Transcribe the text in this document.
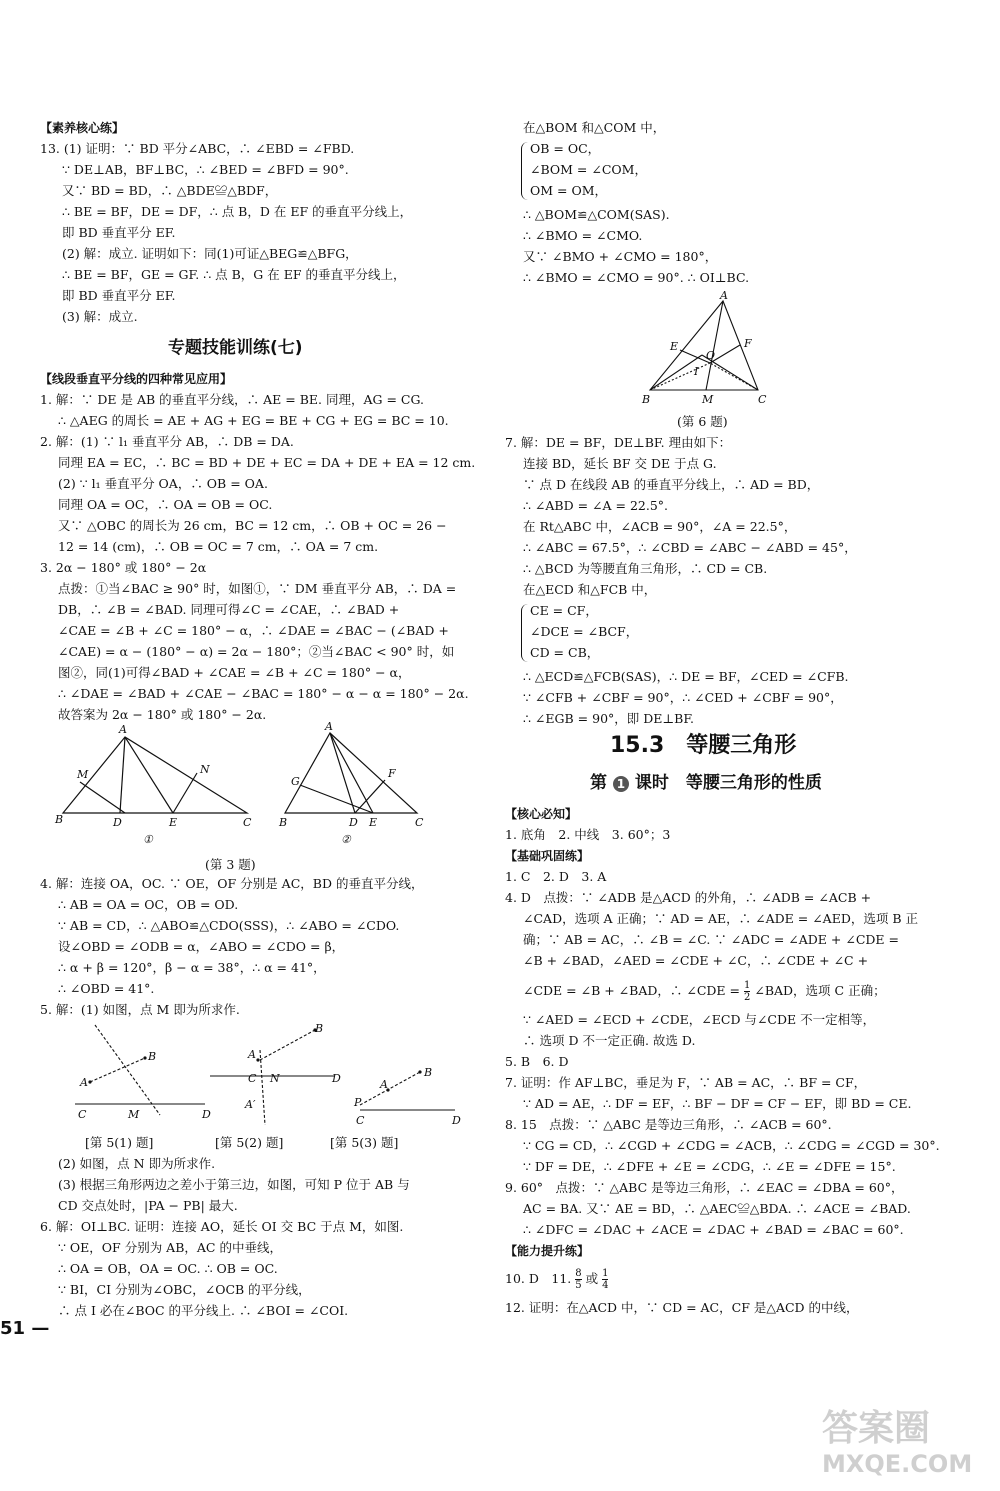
【素养核心练】
13. (1) 证明：∵ BD 平分∠ABC，∴ ∠EBD = ∠FBD.
∵ DE⊥AB，BF⊥BC，∴ ∠BED = ∠BFD = 90°.
又∵ BD = BD，∴ △BDE≌△BDF，
∴ BE = BF，DE = DF，∴ 点 B，D 在 EF 的垂直平分线上，
即 BD 垂直平分 EF.
(2) 解：成立. 证明如下：同(1)可证△BEG≌△BFG，
∴ BE = BF，GE = GF. ∴ 点 B，G 在 EF 的垂直平分线上，
即 BD 垂直平分 EF.
(3) 解：成立.
专题技能训练(七)
【线段垂直平分线的四种常见应用】
1. 解：∵ DE 是 AB 的垂直平分线，∴ AE = BE. 同理，AG = CG.
∴ △AEG 的周长 = AE + AG + EG = BE + CG + EG = BC = 10.
2. 解：(1) ∵ l₁ 垂直平分 AB，∴ DB = DA.
同理 EA = EC，∴ BC = BD + DE + EC = DA + DE + EA = 12 cm.
(2) ∵ l₁ 垂直平分 OA，∴ OB = OA.
同理 OA = OC，∴ OA = OB = OC.
又∵ △OBC 的周长为 26 cm，BC = 12 cm，∴ OB + OC = 26 −
12 = 14 (cm)，∴ OB = OC = 7 cm，∴ OA = 7 cm.
3. 2α − 180° 或 180° − 2α
点拨：①当∠BAC ≥ 90° 时，如图①，∵ DM 垂直平分 AB，∴ DA =
DB，∴ ∠B = ∠BAD. 同理可得∠C = ∠CAE，∴ ∠BAD +
∠CAE = ∠B + ∠C = 180° − α，∴ ∠DAE = ∠BAC − (∠BAD +
∠CAE) = α − (180° − α) = 2α − 180°；②当∠BAC < 90° 时，如
图②，同(1)可得∠BAD + ∠CAE = ∠B + ∠C = 180° − α，
∴ ∠DAE = ∠BAD + ∠CAE − ∠BAC = 180° − α − α = 180° − 2α.
故答案为 2α − 180° 或 180° − 2α.
A
M	N
B	D	E	C
①
A
G
F
B	D E	C
②
(第 3 题)
4. 解：连接 OA，OC. ∵ OE，OF 分别是 AC，BD 的垂直平分线，
∴ AB = OA = OC，OB = OD.
∵ AB = CD，∴ △ABO≌△CDO(SSS)，∴ ∠ABO = ∠CDO.
设∠OBD = ∠ODB = α，∠ABO = ∠CDO = β，
∴ α + β = 120°，β − α = 38°，∴ α = 41°，
∴ ∠OBD = 41°.
5. 解：(1) 如图，点 M 即为所求作.
B
A
C	M	D
B
A
C N	D
A′
B
A
P
C	D
[第 5(1) 题]	[第 5(2) 题]	[第 5(3) 题]
(2) 如图，点 N 即为所求作.
(3) 根据三角形两边之差小于第三边，如图，可知 P 位于 AB 与
CD 交点处时，|PA − PB| 最大.
6. 解：OI⊥BC. 证明：连接 AO，延长 OI 交 BC 于点 M，如图.
∵ OE，OF 分别为 AB，AC 的中垂线，
∴ OA = OB，OA = OC. ∴ OB = OC.
∵ BI，CI 分别为∠OBC，∠OCB 的平分线，
∴ 点 I 必在∠BOC 的平分线上. ∴ ∠BOI = ∠COI.
51 —
在△BOM 和△COM 中，
OB = OC，
∠BOM = ∠COM，
OM = OM，
∴ △BOM≌△COM(SAS).
∴ ∠BMO = ∠CMO.
又∵ ∠BMO + ∠CMO = 180°，
∴ ∠BMO = ∠CMO = 90°. ∴ OI⊥BC.
A
E	F
O
I
B	M	C
(第 6 题)
7. 解：DE = BF，DE⊥BF. 理由如下：
连接 BD，延长 BF 交 DE 于点 G.
∵ 点 D 在线段 AB 的垂直平分线上，∴ AD = BD，
∴ ∠ABD = ∠A = 22.5°.
在 Rt△ABC 中，∠ACB = 90°，∠A = 22.5°，
∴ ∠ABC = 67.5°，∴ ∠CBD = ∠ABC − ∠ABD = 45°，
∴ △BCD 为等腰直角三角形，∴ CD = CB.
在△ECD 和△FCB 中，
CE = CF，
∠DCE = ∠BCF，
CD = CB，
∴ △ECD≌△FCB(SAS)，∴ DE = BF，∠CED = ∠CFB.
∵ ∠CFB + ∠CBF = 90°，∴ ∠CED + ∠CBF = 90°，
∴ ∠EGB = 90°，即 DE⊥BF.
15.3　等腰三角形
第 1 课时　等腰三角形的性质
【核心必知】
1. 底角　2. 中线　3. 60°；3
【基础巩固练】
1. C　2. D　3. A
4. D　点拨：∵ ∠ADB 是△ACD 的外角，∴ ∠ADB = ∠ACB +
∠CAD，选项 A 正确；∵ AD = AE，∴ ∠ADE = ∠AED，选项 B 正
确；∵ AB = AC，∴ ∠B = ∠C. ∵ ∠ADC = ∠ADE + ∠CDE =
∠B + ∠BAD，∠AED = ∠CDE + ∠C，∴ ∠CDE + ∠C +
∠CDE = ∠B + ∠BAD，∴ ∠CDE = $\frac{1}{2}$ ∠BAD，选项 C 正确；
∵ ∠AED = ∠ECD + ∠CDE，∠ECD 与∠CDE 不一定相等，
∴ 选项 D 不一定正确. 故选 D.
5. B　6. D
7. 证明：作 AF⊥BC，垂足为 F，∵ AB = AC，∴ BF = CF，
∵ AD = AE，∴ DF = EF，∴ BF − DF = CF − EF，即 BD = CE.
8. 15　点拨：∵ △ABC 是等边三角形，∴ ∠ACB = 60°.
∵ CG = CD，∴ ∠CGD + ∠CDG = ∠ACB，∴ ∠CDG = ∠CGD = 30°.
∵ DF = DE，∴ ∠DFE + ∠E = ∠CDG，∴ ∠E = ∠DFE = 15°.
9. 60°　点拨：∵ △ABC 是等边三角形，∴ ∠EAC = ∠DBA = 60°，
AC = BA. 又∵ AE = BD，∴ △AEC≌△BDA. ∴ ∠ACE = ∠BAD.
∴ ∠DFC = ∠DAC + ∠ACE = ∠DAC + ∠BAD = ∠BAC = 60°.
【能力提升练】
10. D　11. $\frac{8}{5}$ 或 $\frac{1}{4}$
12. 证明：在△ACD 中，∵ CD = AC，CF 是△ACD 的中线，
答案圈
MXQE.COM
